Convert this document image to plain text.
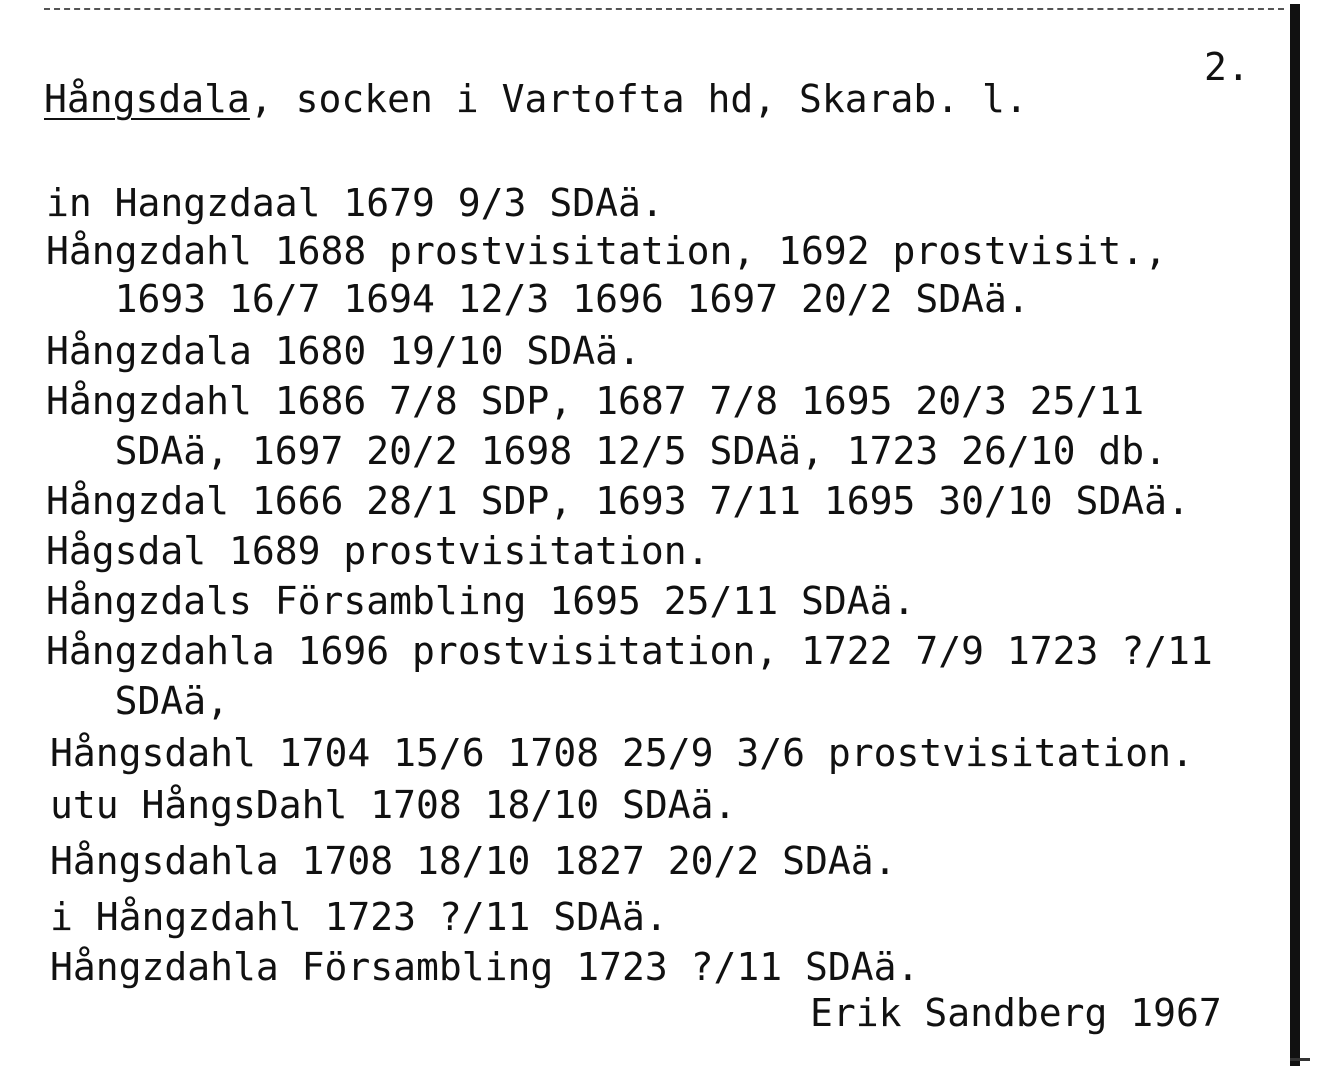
2.
Hångsdala, socken i Vartofta hd, Skarab. l.
in Hangzdaal 1679 9/3 SDAä.
Hångzdahl 1688 prostvisitation, 1692 prostvisit.,
1693 16/7 1694 12/3 1696 1697 20/2 SDAä.
Hångzdala 1680 19/10 SDAä.
Hångzdahl 1686 7/8 SDP, 1687 7/8 1695 20/3 25/11
SDAä, 1697 20/2 1698 12/5 SDAä, 1723 26/10 db.
Hångzdal 1666 28/1 SDP, 1693 7/11 1695 30/10 SDAä.
Hågsdal 1689 prostvisitation.
Hångzdals Försambling 1695 25/11 SDAä.
Hångzdahla 1696 prostvisitation, 1722 7/9 1723 ?/11
SDAä,
Hångsdahl 1704 15/6 1708 25/9 3/6 prostvisitation.
utu HångsDahl 1708 18/10 SDAä.
Hångsdahla 1708 18/10 1827 20/2 SDAä.
i Hångzdahl 1723 ?/11 SDAä.
Hångzdahla Försambling 1723 ?/11 SDAä.
Erik Sandberg 1967
